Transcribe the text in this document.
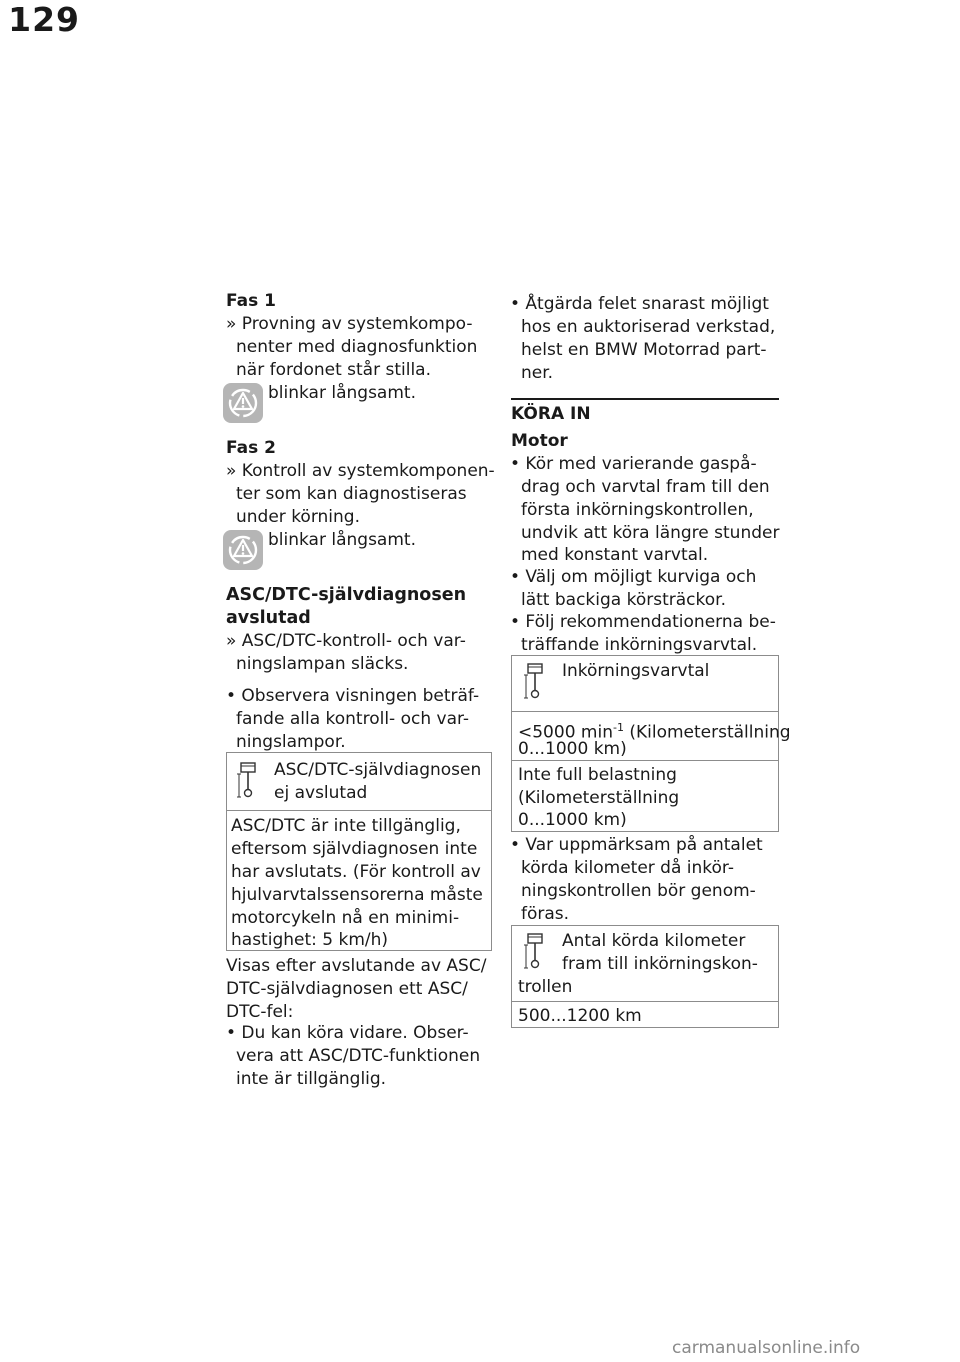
129
Fas 1
» Provning av systemkompo-
nenter med diagnosfunktion
när fordonet står stilla.
blinkar långsamt.
Fas 2
» Kontroll av systemkomponen-
ter som kan diagnostiseras
under körning.
blinkar långsamt.
ASC/DTC-självdiagnosen
avslutad
» ASC/DTC-kontroll- och var-
ningslampan släcks.
• Observera visningen beträf-
fande alla kontroll- och var-
ningslampor.
ASC/DTC-självdiagnosen
ej avslutad
ASC/DTC är inte tillgänglig,
eftersom självdiagnosen inte
har avslutats. (För kontroll av
hjulvarvtalssensorerna måste
motorcykeln nå en minimi-
hastighet: 5 km/h)
Visas efter avslutande av ASC/
DTC-självdiagnosen ett ASC/
DTC-fel:
• Du kan köra vidare. Obser-
vera att ASC/DTC-funktionen
inte är tillgänglig.
• Åtgärda felet snarast möjligt
hos en auktoriserad verkstad,
helst en BMW Motorrad part-
ner.
KÖRA IN
Motor
• Kör med varierande gaspå-
drag och varvtal fram till den
första inkörningskontrollen,
undvik att köra längre stunder
med konstant varvtal.
• Välj om möjligt kurviga och
lätt backiga körsträckor.
• Följ rekommendationerna be-
träffande inkörningsvarvtal.
Inkörningsvarvtal
<5000 $\min^{-1}$ (Kilometerställning
0...1000 km)
Inte full belastning
(Kilometerställning
0...1000 km)
• Var uppmärksam på antalet
körda kilometer då inkör-
ningskontrollen bör genom-
föras.
Antal körda kilometer
fram till inkörningskon-
trollen
500...1200 km
carmanualsonline.info
